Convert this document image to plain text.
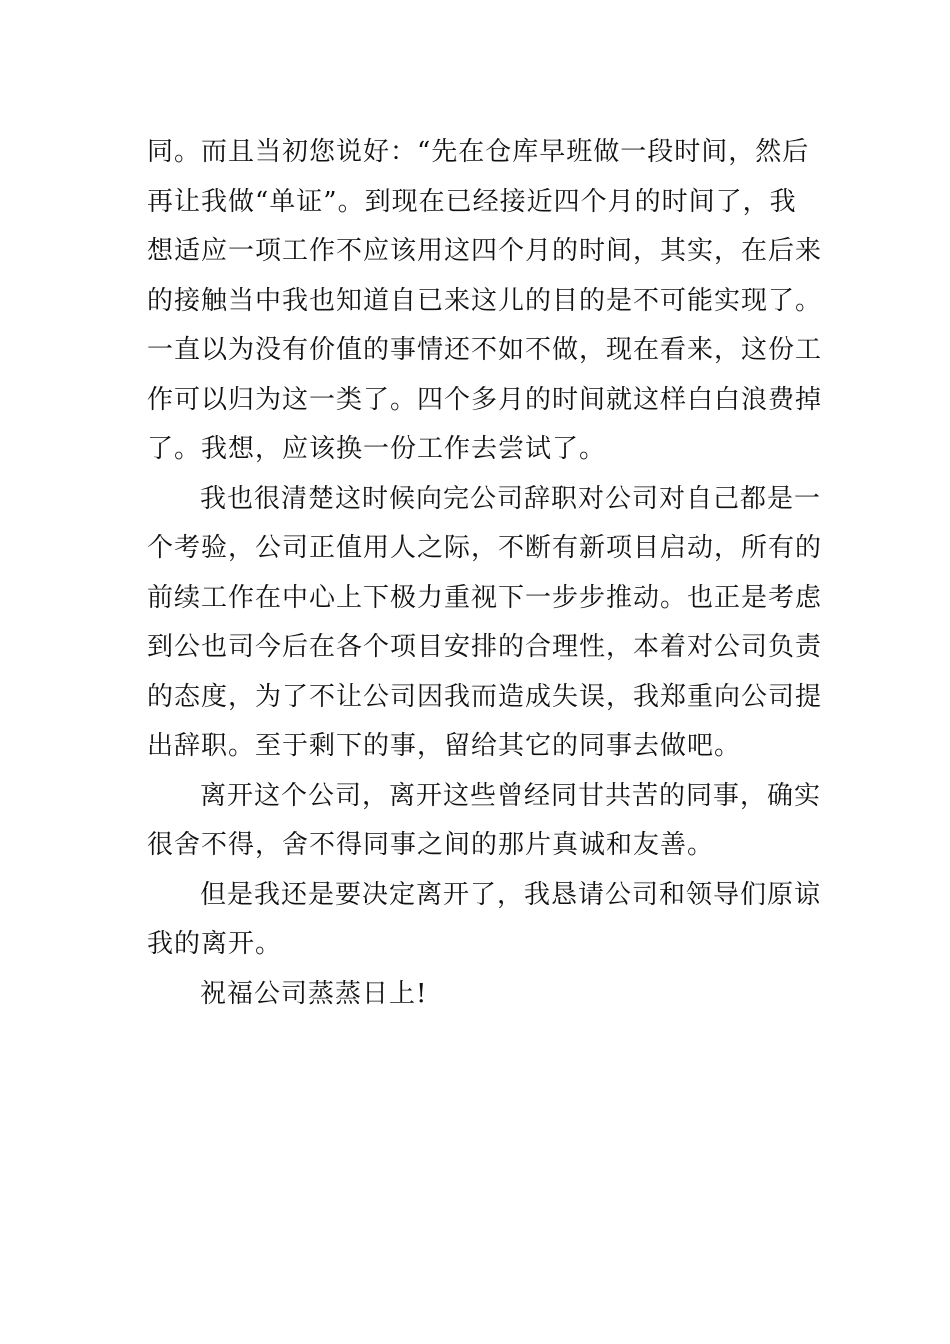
同。而且当初您说好：“先在仓库早班做一段时间，然后
再让我做“单证”。到现在已经接近四个月的时间了，我
想适应一项工作不应该用这四个月的时间，其实，在后来
的接触当中我也知道自已来这儿的目的是不可能实现了。
一直以为没有价值的事情还不如不做，现在看来，这份工
作可以归为这一类了。四个多月的时间就这样白白浪费掉
了。我想，应该换一份工作去尝试了。
我也很清楚这时候向完公司辞职对公司对自己都是一
个考验，公司正值用人之际，不断有新项目启动，所有的
前续工作在中心上下极力重视下一步步推动。也正是考虑
到公也司今后在各个项目安排的合理性，本着对公司负责
的态度，为了不让公司因我而造成失误，我郑重向公司提
出辞职。至于剩下的事，留给其它的同事去做吧。
离开这个公司，离开这些曾经同甘共苦的同事，确实
很舍不得，舍不得同事之间的那片真诚和友善。
但是我还是要决定离开了，我恳请公司和领导们原谅
我的离开。
祝福公司蒸蒸日上!
